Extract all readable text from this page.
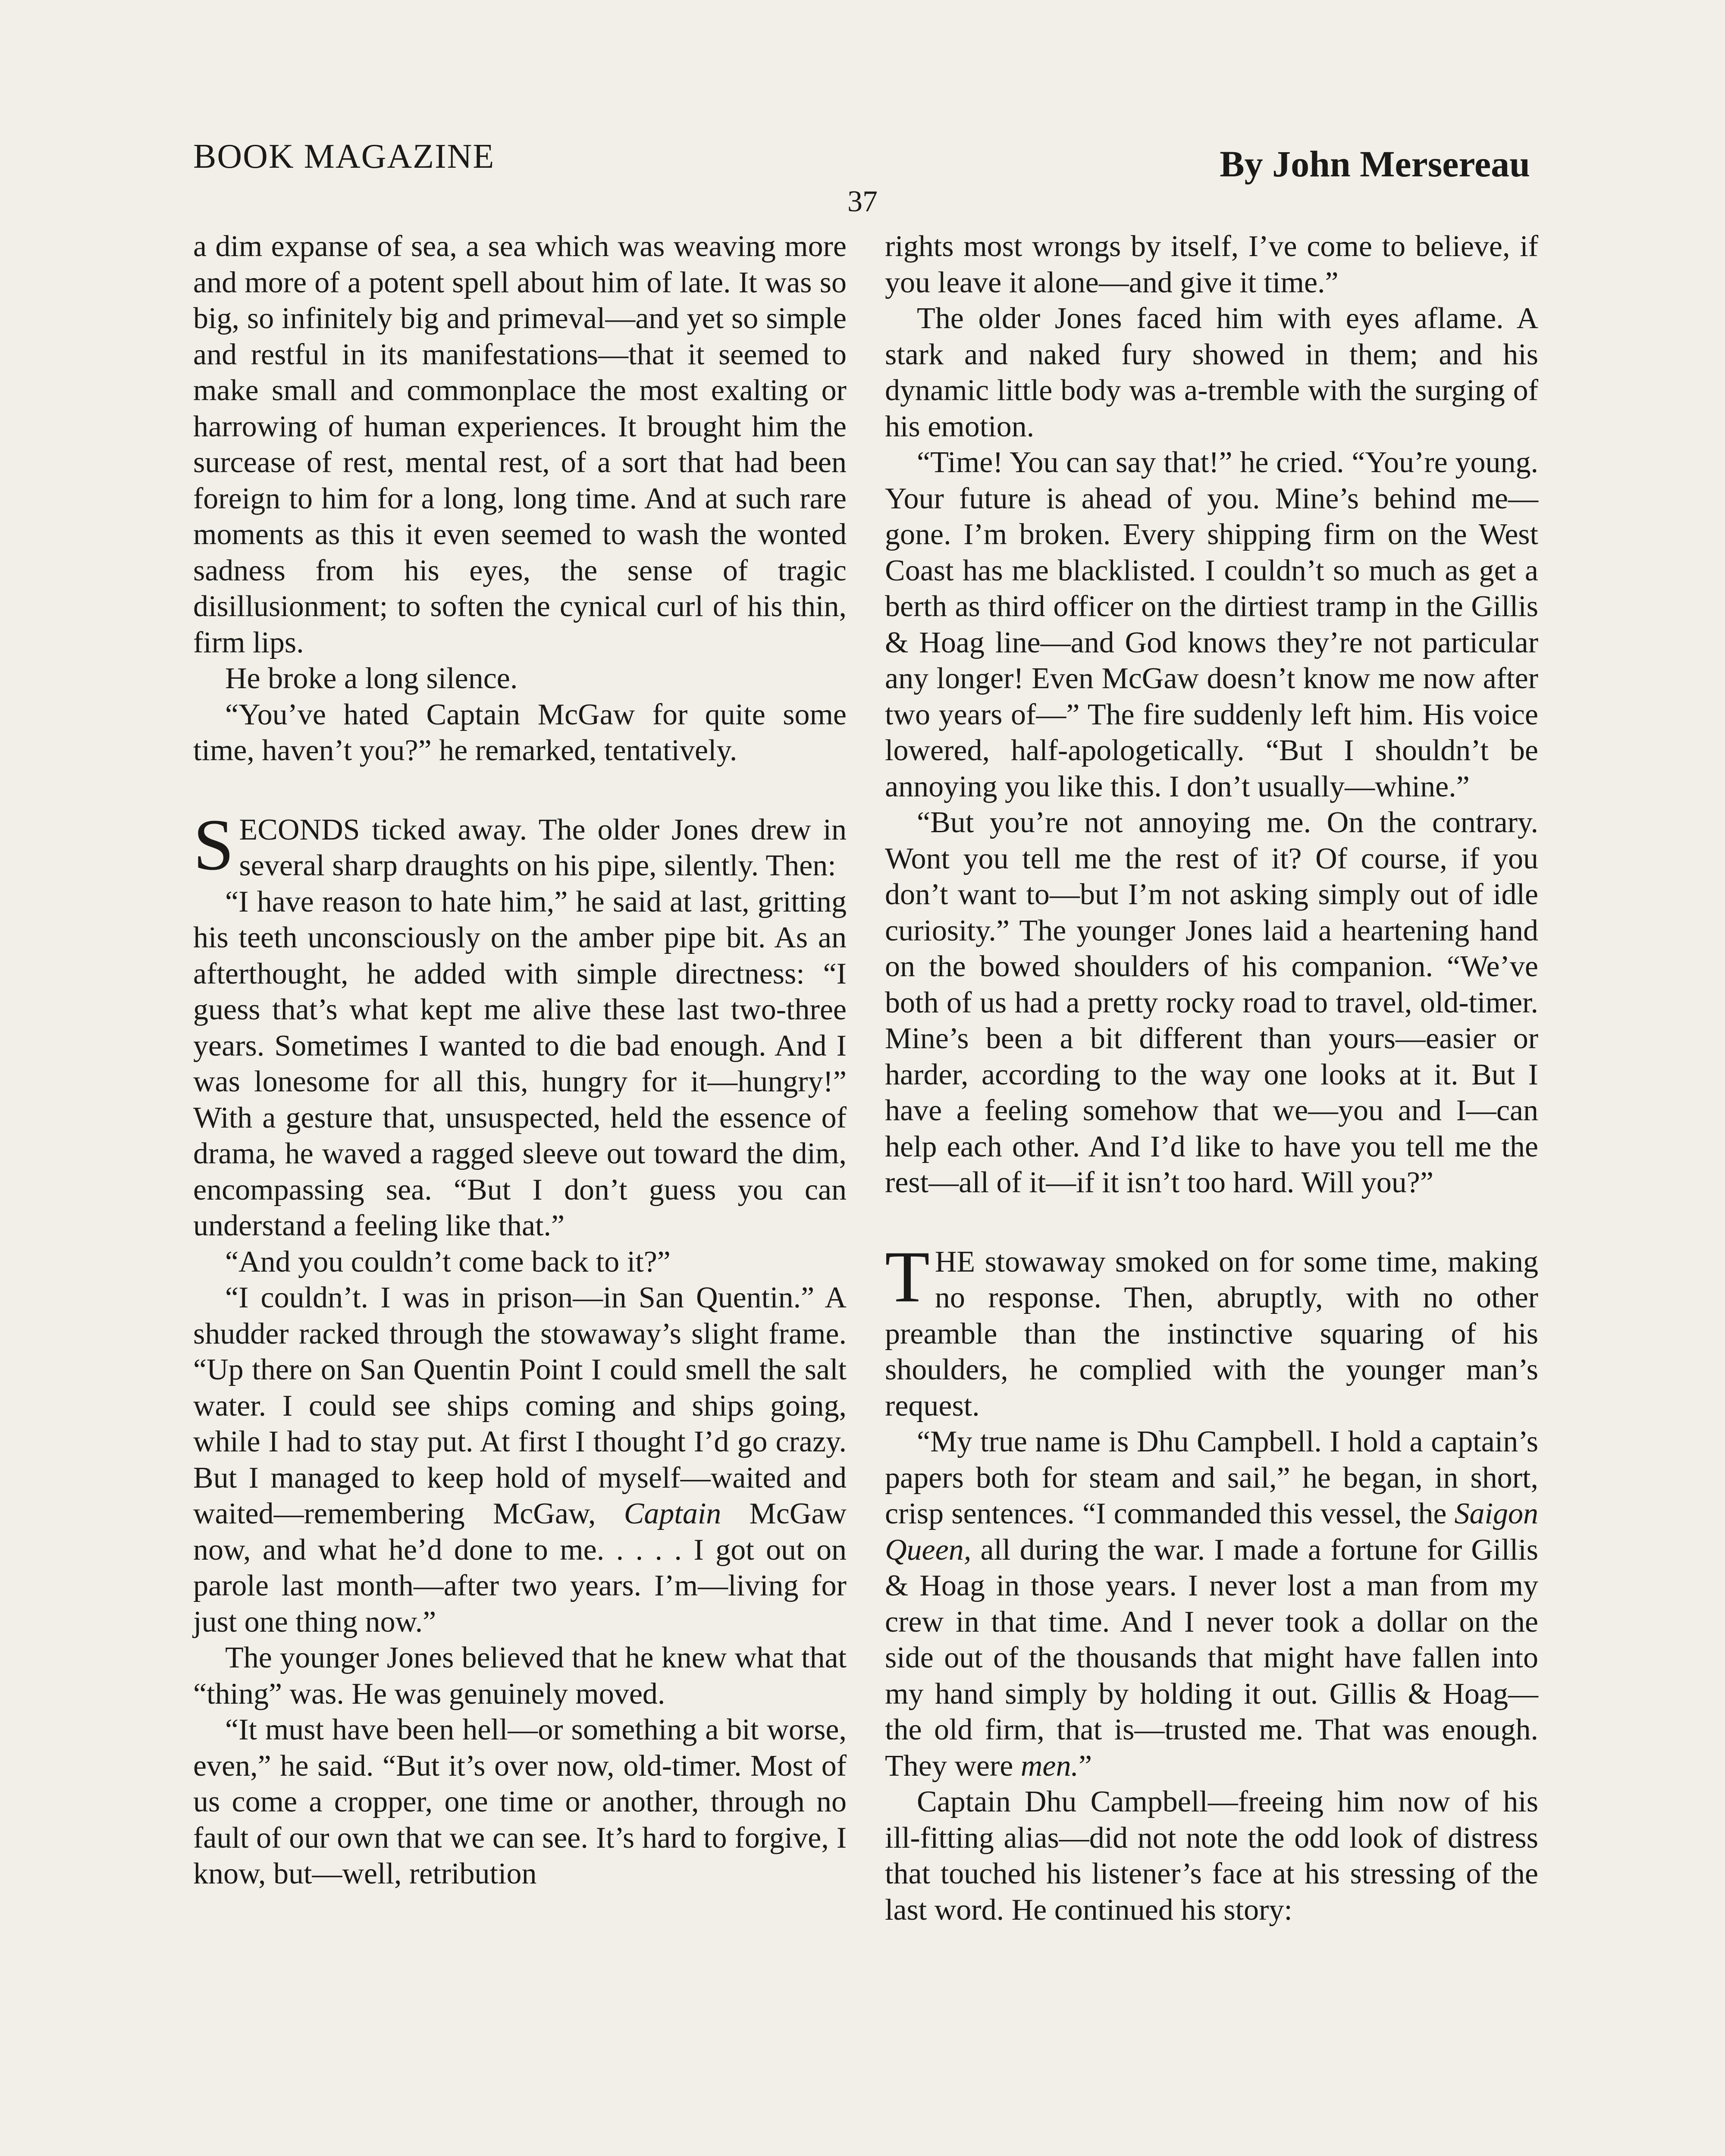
BOOK MAGAZINE	By John Mersereau
37

a dim expanse of sea, a sea which was weaving more and more of a potent spell about him of late. It was so big, so infinitely big and primeval—and yet so simple and restful in its manifestations—that it seemed to make small and commonplace the most exalting or harrowing of human experiences. It brought him the surcease of rest, mental rest, of a sort that had been foreign to him for a long, long time. And at such rare moments as this it even seemed to wash the wonted sadness from his eyes, the sense of tragic disillusionment; to soften the cynical curl of his thin, firm lips.

He broke a long silence.

“You’ve hated Captain McGaw for quite some time, haven’t you?” he remarked, tentatively.

SECONDS ticked away. The older Jones drew in several sharp draughts on his pipe, silently. Then:

“I have reason to hate him,” he said at last, gritting his teeth unconsciously on the amber pipe bit. As an afterthought, he added with simple directness: “I guess that’s what kept me alive these last two-three years. Sometimes I wanted to die bad enough. And I was lonesome for all this, hungry for it—hungry!” With a gesture that, unsuspected, held the essence of drama, he waved a ragged sleeve out toward the dim, encompassing sea. “But I don’t guess you can understand a feeling like that.”

“And you couldn’t come back to it?”

“I couldn’t. I was in prison—in San Quentin.” A shudder racked through the stowaway’s slight frame. “Up there on San Quentin Point I could smell the salt water. I could see ships coming and ships going, while I had to stay put. At first I thought I’d go crazy. But I managed to keep hold of myself—waited and waited—remembering McGaw, Captain McGaw now, and what he’d done to me. . . . . I got out on parole last month—after two years. I’m—living for just one thing now.”

The younger Jones believed that he knew what that “thing” was. He was genuinely moved.

“It must have been hell—or something a bit worse, even,” he said. “But it’s over now, old-timer. Most of us come a cropper, one time or another, through no fault of our own that we can see. It’s hard to forgive, I know, but—well, retribution

rights most wrongs by itself, I’ve come to believe, if you leave it alone—and give it time.”

The older Jones faced him with eyes aflame. A stark and naked fury showed in them; and his dynamic little body was a-tremble with the surging of his emotion.

“Time! You can say that!” he cried. “You’re young. Your future is ahead of you. Mine’s behind me—gone. I’m broken. Every shipping firm on the West Coast has me blacklisted. I couldn’t so much as get a berth as third officer on the dirtiest tramp in the Gillis & Hoag line—and God knows they’re not particular any longer! Even McGaw doesn’t know me now after two years of—” The fire suddenly left him. His voice lowered, half-apologetically. “But I shouldn’t be annoying you like this. I don’t usually—whine.”

“But you’re not annoying me. On the contrary. Wont you tell me the rest of it? Of course, if you don’t want to—but I’m not asking simply out of idle curiosity.” The younger Jones laid a heartening hand on the bowed shoulders of his companion. “We’ve both of us had a pretty rocky road to travel, old-timer. Mine’s been a bit different than yours—easier or harder, according to the way one looks at it. But I have a feeling somehow that we—you and I—can help each other. And I’d like to have you tell me the rest—all of it—if it isn’t too hard. Will you?”

THE stowaway smoked on for some time, making no response. Then, abruptly, with no other preamble than the instinctive squaring of his shoulders, he complied with the younger man’s request.

“My true name is Dhu Campbell. I hold a captain’s papers both for steam and sail,” he began, in short, crisp sentences. “I commanded this vessel, the Saigon Queen, all during the war. I made a fortune for Gillis & Hoag in those years. I never lost a man from my crew in that time. And I never took a dollar on the side out of the thousands that might have fallen into my hand simply by holding it out. Gillis & Hoag—the old firm, that is—trusted me. That was enough. They were men.”

Captain Dhu Campbell—freeing him now of his ill-fitting alias—did not note the odd look of distress that touched his listener’s face at his stressing of the last word. He continued his story:
